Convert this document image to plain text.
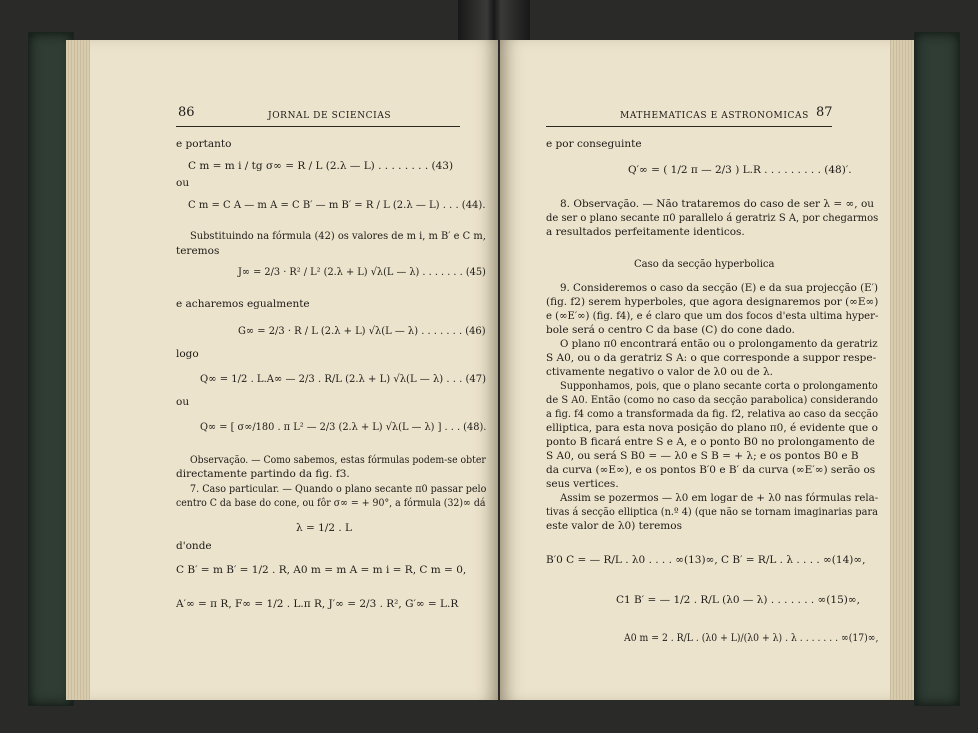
86	JORNAL DE SCIENCIAS
e portanto
C m = m i / tg σ∞ = R / L (2.λ — L) . . . . . . . . (43)
ou
C m = C A — m A = C B′ — m B′ = R / L (2.λ — L) . . . (44).
Substituindo na fórmula (42) os valores de m i, m B′ e C m,
teremos
J∞ = 2/3 · R² / L² (2.λ + L) √λ(L — λ) . . . . . . . (45)
e acharemos egualmente
G∞ = 2/3 · R / L (2.λ + L) √λ(L — λ) . . . . . . . (46)
logo
Q∞ = 1/2 . L.A∞ — 2/3 . R/L (2.λ + L) √λ(L — λ) . . . (47)
ou
Q∞ = [ σ∞/180 . π L² — 2/3 (2.λ + L) √λ(L — λ) ] . . . (48).
Observação. — Como sabemos, estas fórmulas podem-se obter
directamente partindo da fig. f3.
7. Caso particular. — Quando o plano secante π0 passar pelo
centro C da base do cone, ou fôr σ∞ = + 90°, a fórmula (32)∞ dá
λ = 1/2 . L
d'onde
C B′ = m B′ = 1/2 . R, A0 m = m A = m i = R, C m = 0,
A′∞ = π R, F∞ = 1/2 . L.π R, J′∞ = 2/3 . R², G′∞ = L.R
MATHEMATICAS E ASTRONOMICAS 87
e por conseguinte
Q′∞ = ( 1/2 π — 2/3 ) L.R . . . . . . . . . (48)′.
8. Observação. — Não trataremos do caso de ser λ = ∞, ou
de ser o plano secante π0 parallelo á geratriz S A, por chegarmos
a resultados perfeitamente identicos.
Caso da secção hyperbolica
9. Consideremos o caso da secção (E) e da sua projecção (E′)
(fig. f2) serem hyperboles, que agora designaremos por (∞E∞)
e (∞E′∞) (fig. f4), e é claro que um dos focos d'esta ultima hyper-
bole será o centro C da base (C) do cone dado.
O plano π0 encontrará então ou o prolongamento da geratriz
S A0, ou o da geratriz S A: o que corresponde a suppor respe-
ctivamente negativo o valor de λ0 ou de λ.
Supponhamos, pois, que o plano secante corta o prolongamento
de S A0. Então (como no caso da secção parabolica) considerando
a fig. f4 como a transformada da fig. f2, relativa ao caso da secção
elliptica, para esta nova posição do plano π0, é evidente que o
ponto B ficará entre S e A, e o ponto B0 no prolongamento de
S A0, ou será S B0 = — λ0 e S B = + λ; e os pontos B0 e B
da curva (∞E∞), e os pontos B′0 e B′ da curva (∞E′∞) serão os
seus vertices.
Assim se pozermos — λ0 em logar de + λ0 nas fórmulas rela-
tivas á secção elliptica (n.º 4) (que não se tornam imaginarias para
este valor de λ0) teremos
B′0 C = — R/L . λ0 . . . . ∞(13)∞, C B′ = R/L . λ . . . . ∞(14)∞,
C1 B′ = — 1/2 . R/L (λ0 — λ) . . . . . . . ∞(15)∞,
A0 m = 2 . R/L . (λ0 + L)/(λ0 + λ) . λ . . . . . . . ∞(17)∞,
